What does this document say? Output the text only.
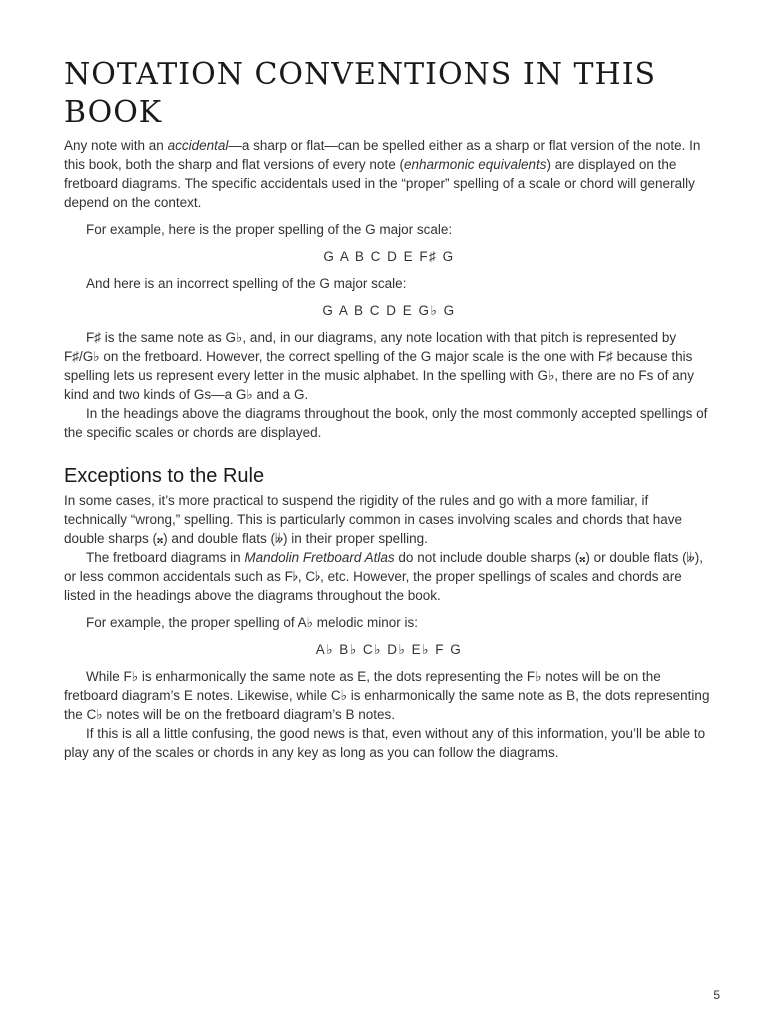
NOTATION CONVENTIONS IN THIS BOOK

Any note with an accidental—a sharp or flat—can be spelled either as a sharp or flat version of the note. In this book, both the sharp and flat versions of every note (enharmonic equivalents) are displayed on the fretboard diagrams. The specific accidentals used in the “proper” spelling of a scale or chord will generally depend on the context.

For example, here is the proper spelling of the G major scale:

G A B C D E F♯ G

And here is an incorrect spelling of the G major scale:

G A B C D E G♭ G

F♯ is the same note as G♭, and, in our diagrams, any note location with that pitch is represented by F♯/G♭ on the fretboard. However, the correct spelling of the G major scale is the one with F♯ because this spelling lets us represent every letter in the music alphabet. In the spelling with G♭, there are no Fs of any kind and two kinds of Gs—a G♭ and a G.

In the headings above the diagrams throughout the book, only the most commonly accepted spellings of the specific scales or chords are displayed.

Exceptions to the Rule

In some cases, it’s more practical to suspend the rigidity of the rules and go with a more familiar, if technically “wrong,” spelling. This is particularly common in cases involving scales and chords that have double sharps (𝄪) and double flats (𝄫) in their proper spelling.

The fretboard diagrams in Mandolin Fretboard Atlas do not include double sharps (𝄪) or double flats (𝄫), or less common accidentals such as F♭, C♭, etc. However, the proper spellings of scales and chords are listed in the headings above the diagrams throughout the book.

For example, the proper spelling of A♭ melodic minor is:

A♭ B♭ C♭ D♭ E♭ F G

While F♭ is enharmonically the same note as E, the dots representing the F♭ notes will be on the fretboard diagram’s E notes. Likewise, while C♭ is enharmonically the same note as B, the dots representing the C♭ notes will be on the fretboard diagram’s B notes.

If this is all a little confusing, the good news is that, even without any of this information, you’ll be able to play any of the scales or chords in any key as long as you can follow the diagrams.

5
